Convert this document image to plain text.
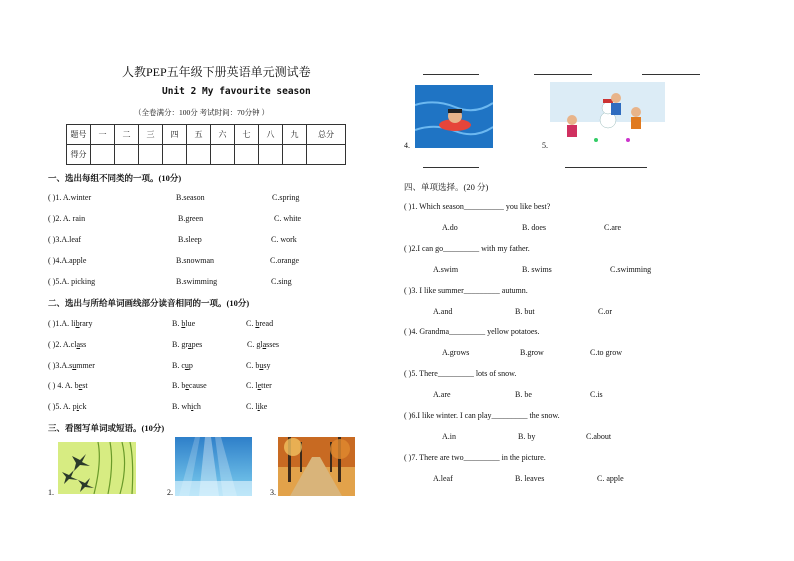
人教PEP五年级下册英语单元测试卷
Unit 2 My favourite season
（全卷满分：100分 考试时间：70分钟 ）
题号	一	二	三	四	五	六	七	八	九	总分
得分										
一、选出每组不同类的一项。(10分)
( )1. A.winter	B.season	C.spring
( )2. A. rain	B.green	C. white
( )3.A.leaf	B.sleep	C. work
( )4.A.apple	B.snowman	C.orange
( )5.A. picking	B.swimming	C.sing
二、选出与所给单词画线部分读音相同的一项。(10分)
( )1.A. library	B. blue	C. bread
( )2. A.class	B. grapes	C. glasses
( )3.A.summer	B. cup	C. busy
( ) 4. A. best	B. because	C. letter
( )5. A. pick	B. which	C. like
三、看图写单词或短语。(10分)
1.	2.	3.
4.	5.
四、单项选择。(20 分)
( )1. Which season__________ you like best?
A.do	B. does	C.are
( )2.I can go_________ with my father.
A.swim	B. swims	C.swimming
( )3. I like summer_________ autumn.
A.and	B. but	C.or
( )4. Grandma_________ yellow potatoes.
A.grows	B.grow	C.to grow
( )5. There_________ lots of snow.
A.are	B. be	C.is
( )6.I like winter. I can play_________ the snow.
A.in	B. by	C.about
( )7. There are two_________ in the picture.
A.leaf	B. leaves	C. apple
